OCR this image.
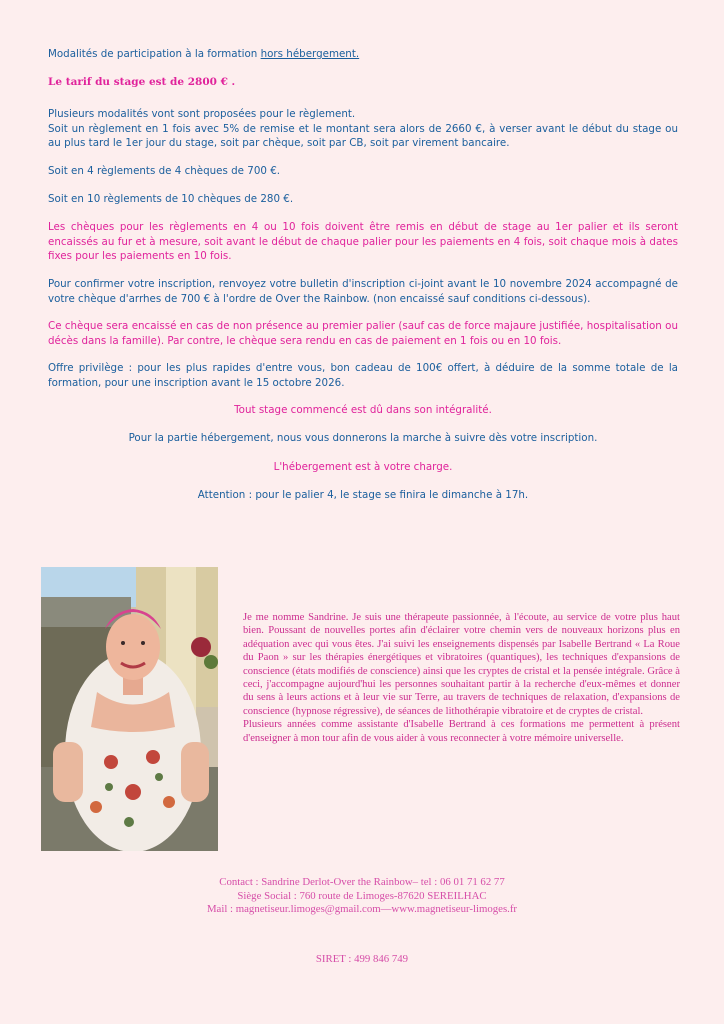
Modalités de participation à la formation hors hébergement.

Le tarif du stage est de 2800 € .

Plusieurs modalités vont sont proposées pour le règlement.
Soit un règlement en 1 fois avec 5% de remise et le montant sera alors de 2660 €, à verser avant le début du stage ou au plus tard le 1er jour du stage, soit par chèque, soit par CB, soit par virement bancaire.

Soit en 4 règlements de 4 chèques de 700 €.

Soit en 10 règlements de 10 chèques de 280 €.

Les chèques pour les règlements en 4 ou 10 fois doivent être remis en début de stage au 1er palier et ils seront encaissés au fur et à mesure, soit avant le début de chaque palier pour les paiements en 4 fois, soit chaque mois à dates fixes pour les paiements en 10 fois.

Pour confirmer votre inscription, renvoyez votre bulletin d'inscription ci-joint avant le 10 novembre 2024 accompagné de votre chèque d'arrhes de 700 € à l'ordre de Over the Rainbow. (non encaissé sauf conditions ci-dessous).

Ce chèque sera encaissé en cas de non présence au premier palier (sauf cas de force majaure justifiée, hospitalisation ou décès dans la famille). Par contre, le chèque sera rendu en cas de paiement en 1 fois ou en 10 fois.

Offre privilège : pour les plus rapides d'entre vous, bon cadeau de 100€ offert, à déduire de la somme totale de la formation, pour une inscription avant le 15 octobre 2026.

Tout stage commencé est dû dans son intégralité.

Pour la partie hébergement, nous vous donnerons la marche à suivre dès votre inscription.

L'hébergement est à votre charge.

Attention : pour le palier 4, le stage se finira le dimanche à 17h.

Je me nomme Sandrine. Je suis une thérapeute passionnée, à l'écoute, au service de votre plus haut bien. Poussant de nouvelles portes afin d'éclairer votre chemin vers de nouveaux horizons plus en adéquation avec qui vous êtes. J'ai suivi les enseignements dispensés par Isabelle Bertrand « La Roue du Paon » sur les thérapies énergétiques et vibratoires (quantiques), les techniques d'expansions de conscience (états modifiés de conscience) ainsi que les cryptes de cristal et la pensée intégrale. Grâce à ceci, j'accompagne aujourd'hui les personnes souhaitant partir à la recherche d'eux-mêmes et donner du sens à leurs actions et à leur vie sur Terre, au travers de techniques de relaxation, d'expansions de conscience (hypnose régressive), de séances de lithothérapie vibratoire et de cryptes de cristal.

Plusieurs années comme assistante d'Isabelle Bertrand à ces formations me permettent à présent d'enseigner à mon tour afin de vous aider à vous reconnecter à votre mémoire universelle.

Contact : Sandrine Derlot-Over the Rainbow– tel : 06 01 71 62 77
Siège Social : 760 route de Limoges-87620 SEREILHAC
Mail : magnetiseur.limoges@gmail.com—www.magnetiseur-limoges.fr
SIRET : 499 846 749
